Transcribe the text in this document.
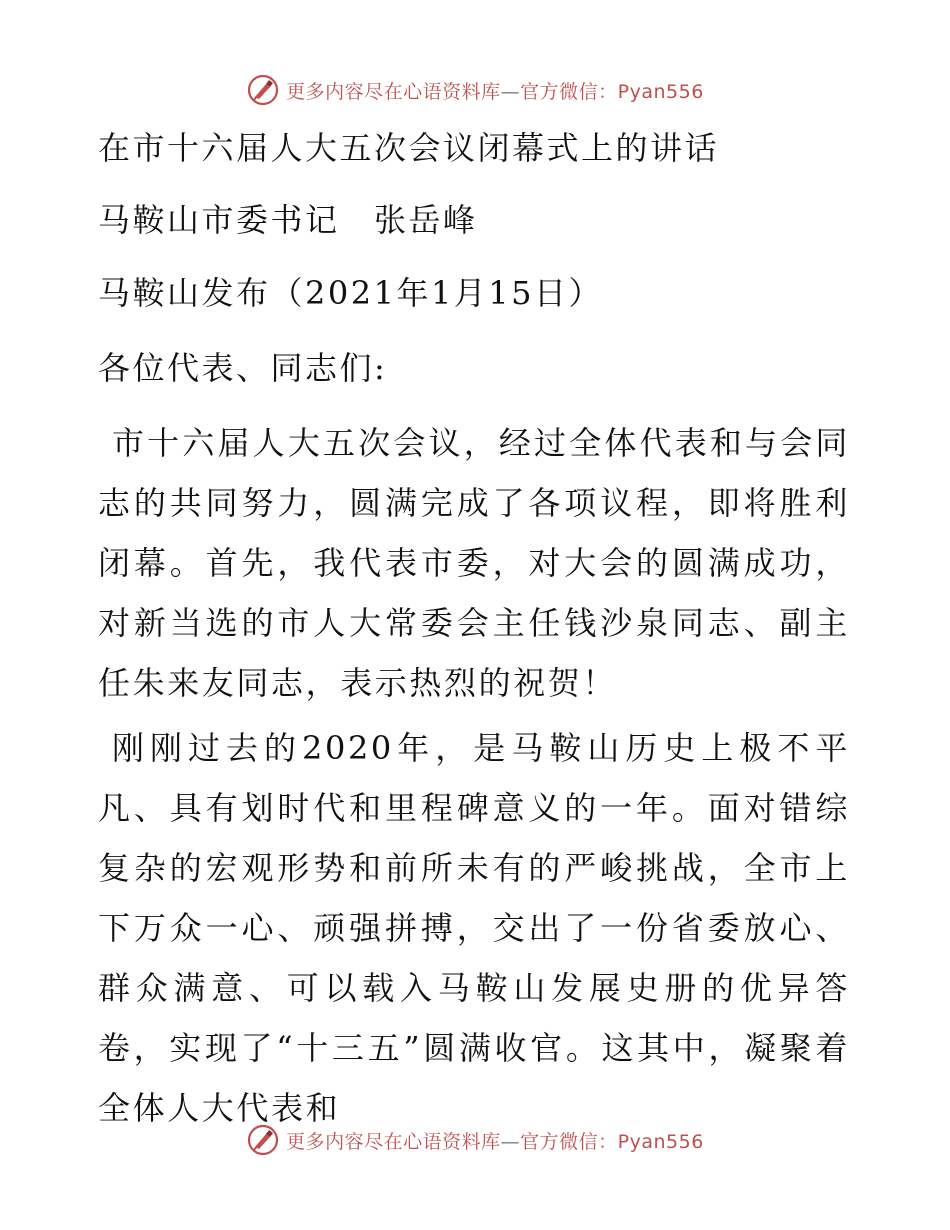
更多内容尽在心语资料库—官方微信：Pyan556
在市十六届人大五次会议闭幕式上的讲话
马鞍山市委书记　张岳峰
马鞍山发布（2021年1月15日）
各位代表、同志们:
市十六届人大五次会议，经过全体代表和与会同志的共同努力，圆满完成了各项议程，即将胜利闭幕。首先，我代表市委，对大会的圆满成功，对新当选的市人大常委会主任钱沙泉同志、副主任朱来友同志，表示热烈的祝贺！
刚刚过去的2020年，是马鞍山历史上极不平凡、具有划时代和里程碑意义的一年。面对错综复杂的宏观形势和前所未有的严峻挑战，全市上下万众一心、顽强拼搏，交出了一份省委放心、群众满意、可以载入马鞍山发展史册的优异答卷，实现了“十三五”圆满收官。这其中，凝聚着全体人大代表和
更多内容尽在心语资料库—官方微信：Pyan556
